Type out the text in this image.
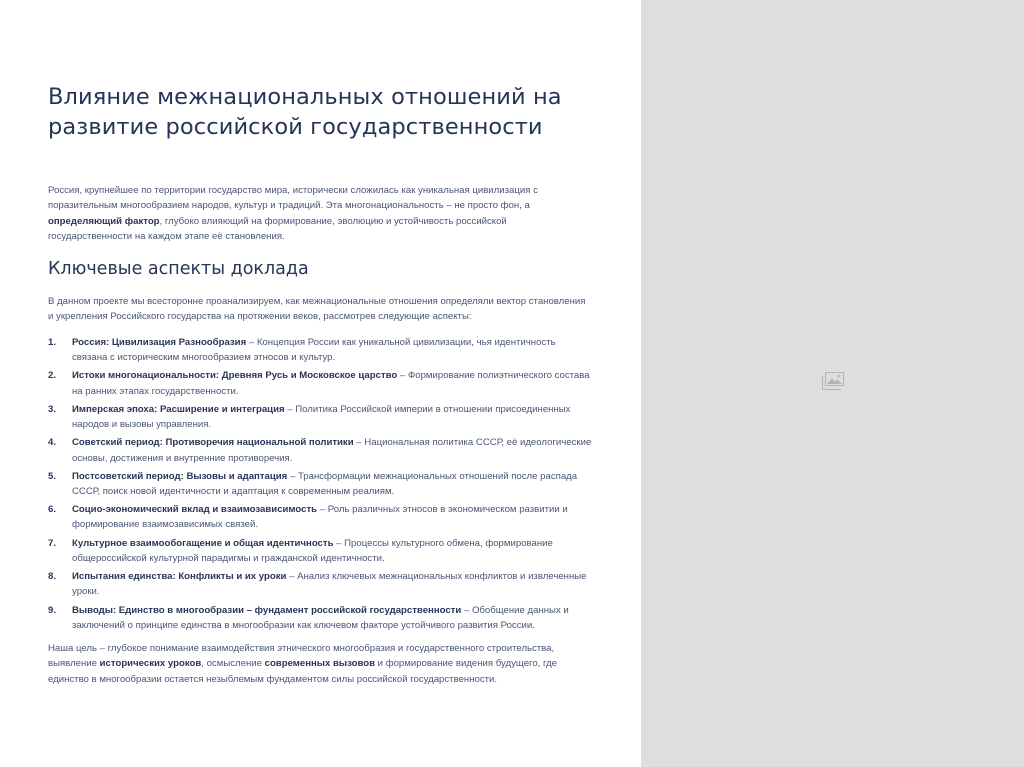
Влияние межнациональных отношений на развитие российской государственности

Россия, крупнейшее по территории государство мира, исторически сложилась как уникальная цивилизация с поразительным многообразием народов, культур и традиций. Эта многонациональность – не просто фон, а определяющий фактор, глубоко влияющий на формирование, эволюцию и устойчивость российской государственности на каждом этапе её становления.

Ключевые аспекты доклада

В данном проекте мы всесторонне проанализируем, как межнациональные отношения определяли вектор становления и укрепления Российского государства на протяжении веков, рассмотрев следующие аспекты:

1.	Россия: Цивилизация Разнообразия – Концепция России как уникальной цивилизации, чья идентичность связана с историческим многообразием этносов и культур.
2.	Истоки многонациональности: Древняя Русь и Московское царство – Формирование полиэтнического состава на ранних этапах государственности.
3.	Имперская эпоха: Расширение и интеграция – Политика Российской империи в отношении присоединенных народов и вызовы управления.
4.	Советский период: Противоречия национальной политики – Национальная политика СССР, её идеологические основы, достижения и внутренние противоречия.
5.	Постсоветский период: Вызовы и адаптация – Трансформации межнациональных отношений после распада СССР, поиск новой идентичности и адаптация к современным реалиям.
6.	Социо-экономический вклад и взаимозависимость – Роль различных этносов в экономическом развитии и формирование взаимозависимых связей.
7.	Культурное взаимообогащение и общая идентичность – Процессы культурного обмена, формирование общероссийской культурной парадигмы и гражданской идентичности.
8.	Испытания единства: Конфликты и их уроки – Анализ ключевых межнациональных конфликтов и извлеченные уроки.
9.	Выводы: Единство в многообразии – фундамент российской государственности – Обобщение данных и заключений о принципе единства в многообразии как ключевом факторе устойчивого развития России.

Наша цель – глубокое понимание взаимодействия этнического многообразия и государственного строительства, выявление исторических уроков, осмысление современных вызовов и формирование видения будущего, где единство в многообразии остается незыблемым фундаментом силы российской государственности.
